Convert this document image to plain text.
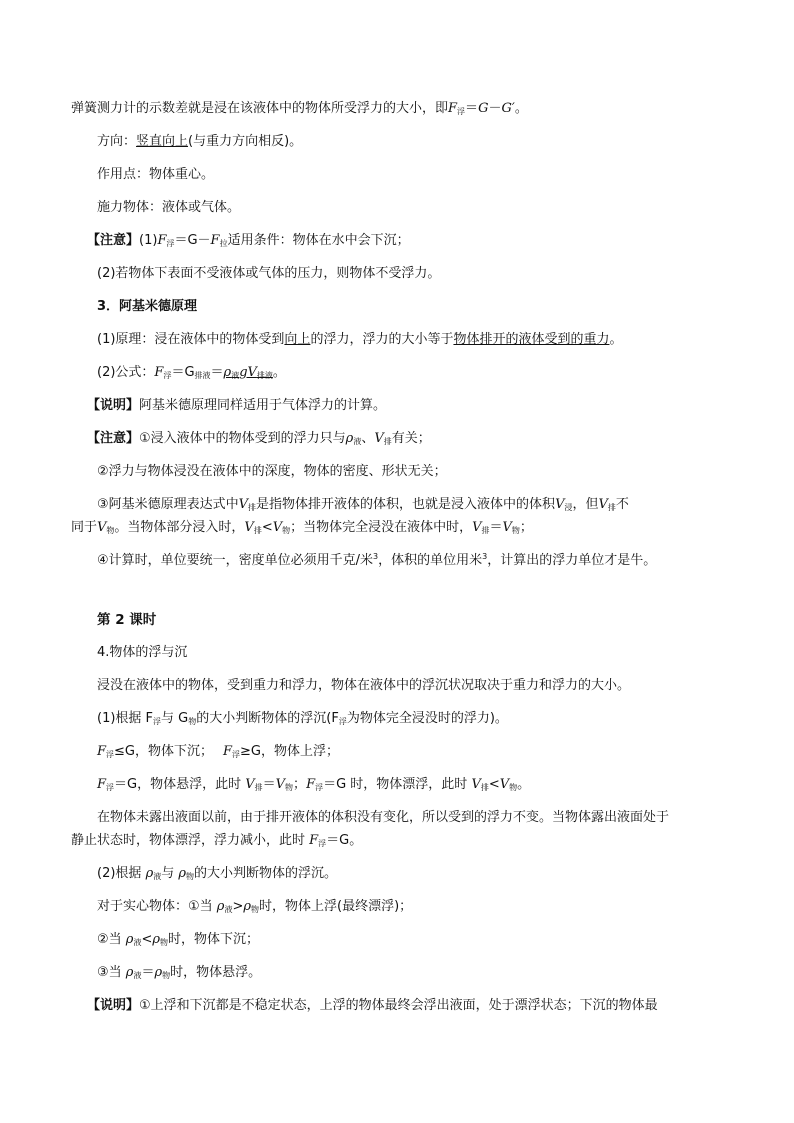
弹簧测力计的示数差就是浸在该液体中的物体所受浮力的大小，即$F_浮=G-G'$。
方向：竖直向上(与重力方向相反)。
作用点：物体重心。
施力物体：液体或气体。
【注意】$(1)F_浮=G-F_拉$适用条件：物体在水中会下沉；
(2)若物体下表面不受液体或气体的压力，则物体不受浮力。
3．阿基米德原理
(1)原理：浸在液体中的物体受到向上的浮力，浮力的大小等于物体排开的液体受到的重力。
(2)公式：$F_浮=G_{排液}=\rho_液gV_{排液}$。
【说明】阿基米德原理同样适用于气体浮力的计算。
【注意】①浸入液体中的物体受到的浮力只与$\rho_液$、$V_排$有关；
②浮力与物体浸没在液体中的深度，物体的密度、形状无关；
③阿基米德原理表达式中$V_排$是指物体排开液体的体积，也就是浸入液体中的体积$V_浸$，但$V_排$不
同于$V_物$。当物体部分浸入时，$V_排<V_物$；当物体完全浸没在液体中时，$V_排=V_物$；
④计算时，单位要统一，密度单位必须用千克/米$^3$，体积的单位用米$^3$，计算出的浮力单位才是牛。
第 2 课时
4.物体的浮与沉
浸没在液体中的物体，受到重力和浮力，物体在液体中的浮沉状况取决于重力和浮力的大小。
(1)根据 $F_浮$与 $G_物$的大小判断物体的浮沉($F_浮$为物体完全浸没时的浮力)。
$F_浮\le G$，物体下沉； $F_浮\ge G$，物体上浮；
$F_浮=G$，物体悬浮，此时 $V_排=V_物$；$F_浮=G$ 时，物体漂浮，此时 $V_排<V_物$。
在物体未露出液面以前，由于排开液体的体积没有变化，所以受到的浮力不变。当物体露出液面处于
静止状态时，物体漂浮，浮力减小，此时 $F_浮=G$。
(2)根据 $\rho_液$与 $\rho_物$的大小判断物体的浮沉。
对于实心物体：①当 $\rho_液>\rho_物$时，物体上浮(最终漂浮)；
②当 $\rho_液<\rho_物$时，物体下沉；
③当 $\rho_液=\rho_物$时，物体悬浮。
【说明】①上浮和下沉都是不稳定状态，上浮的物体最终会浮出液面，处于漂浮状态；下沉的物体最
